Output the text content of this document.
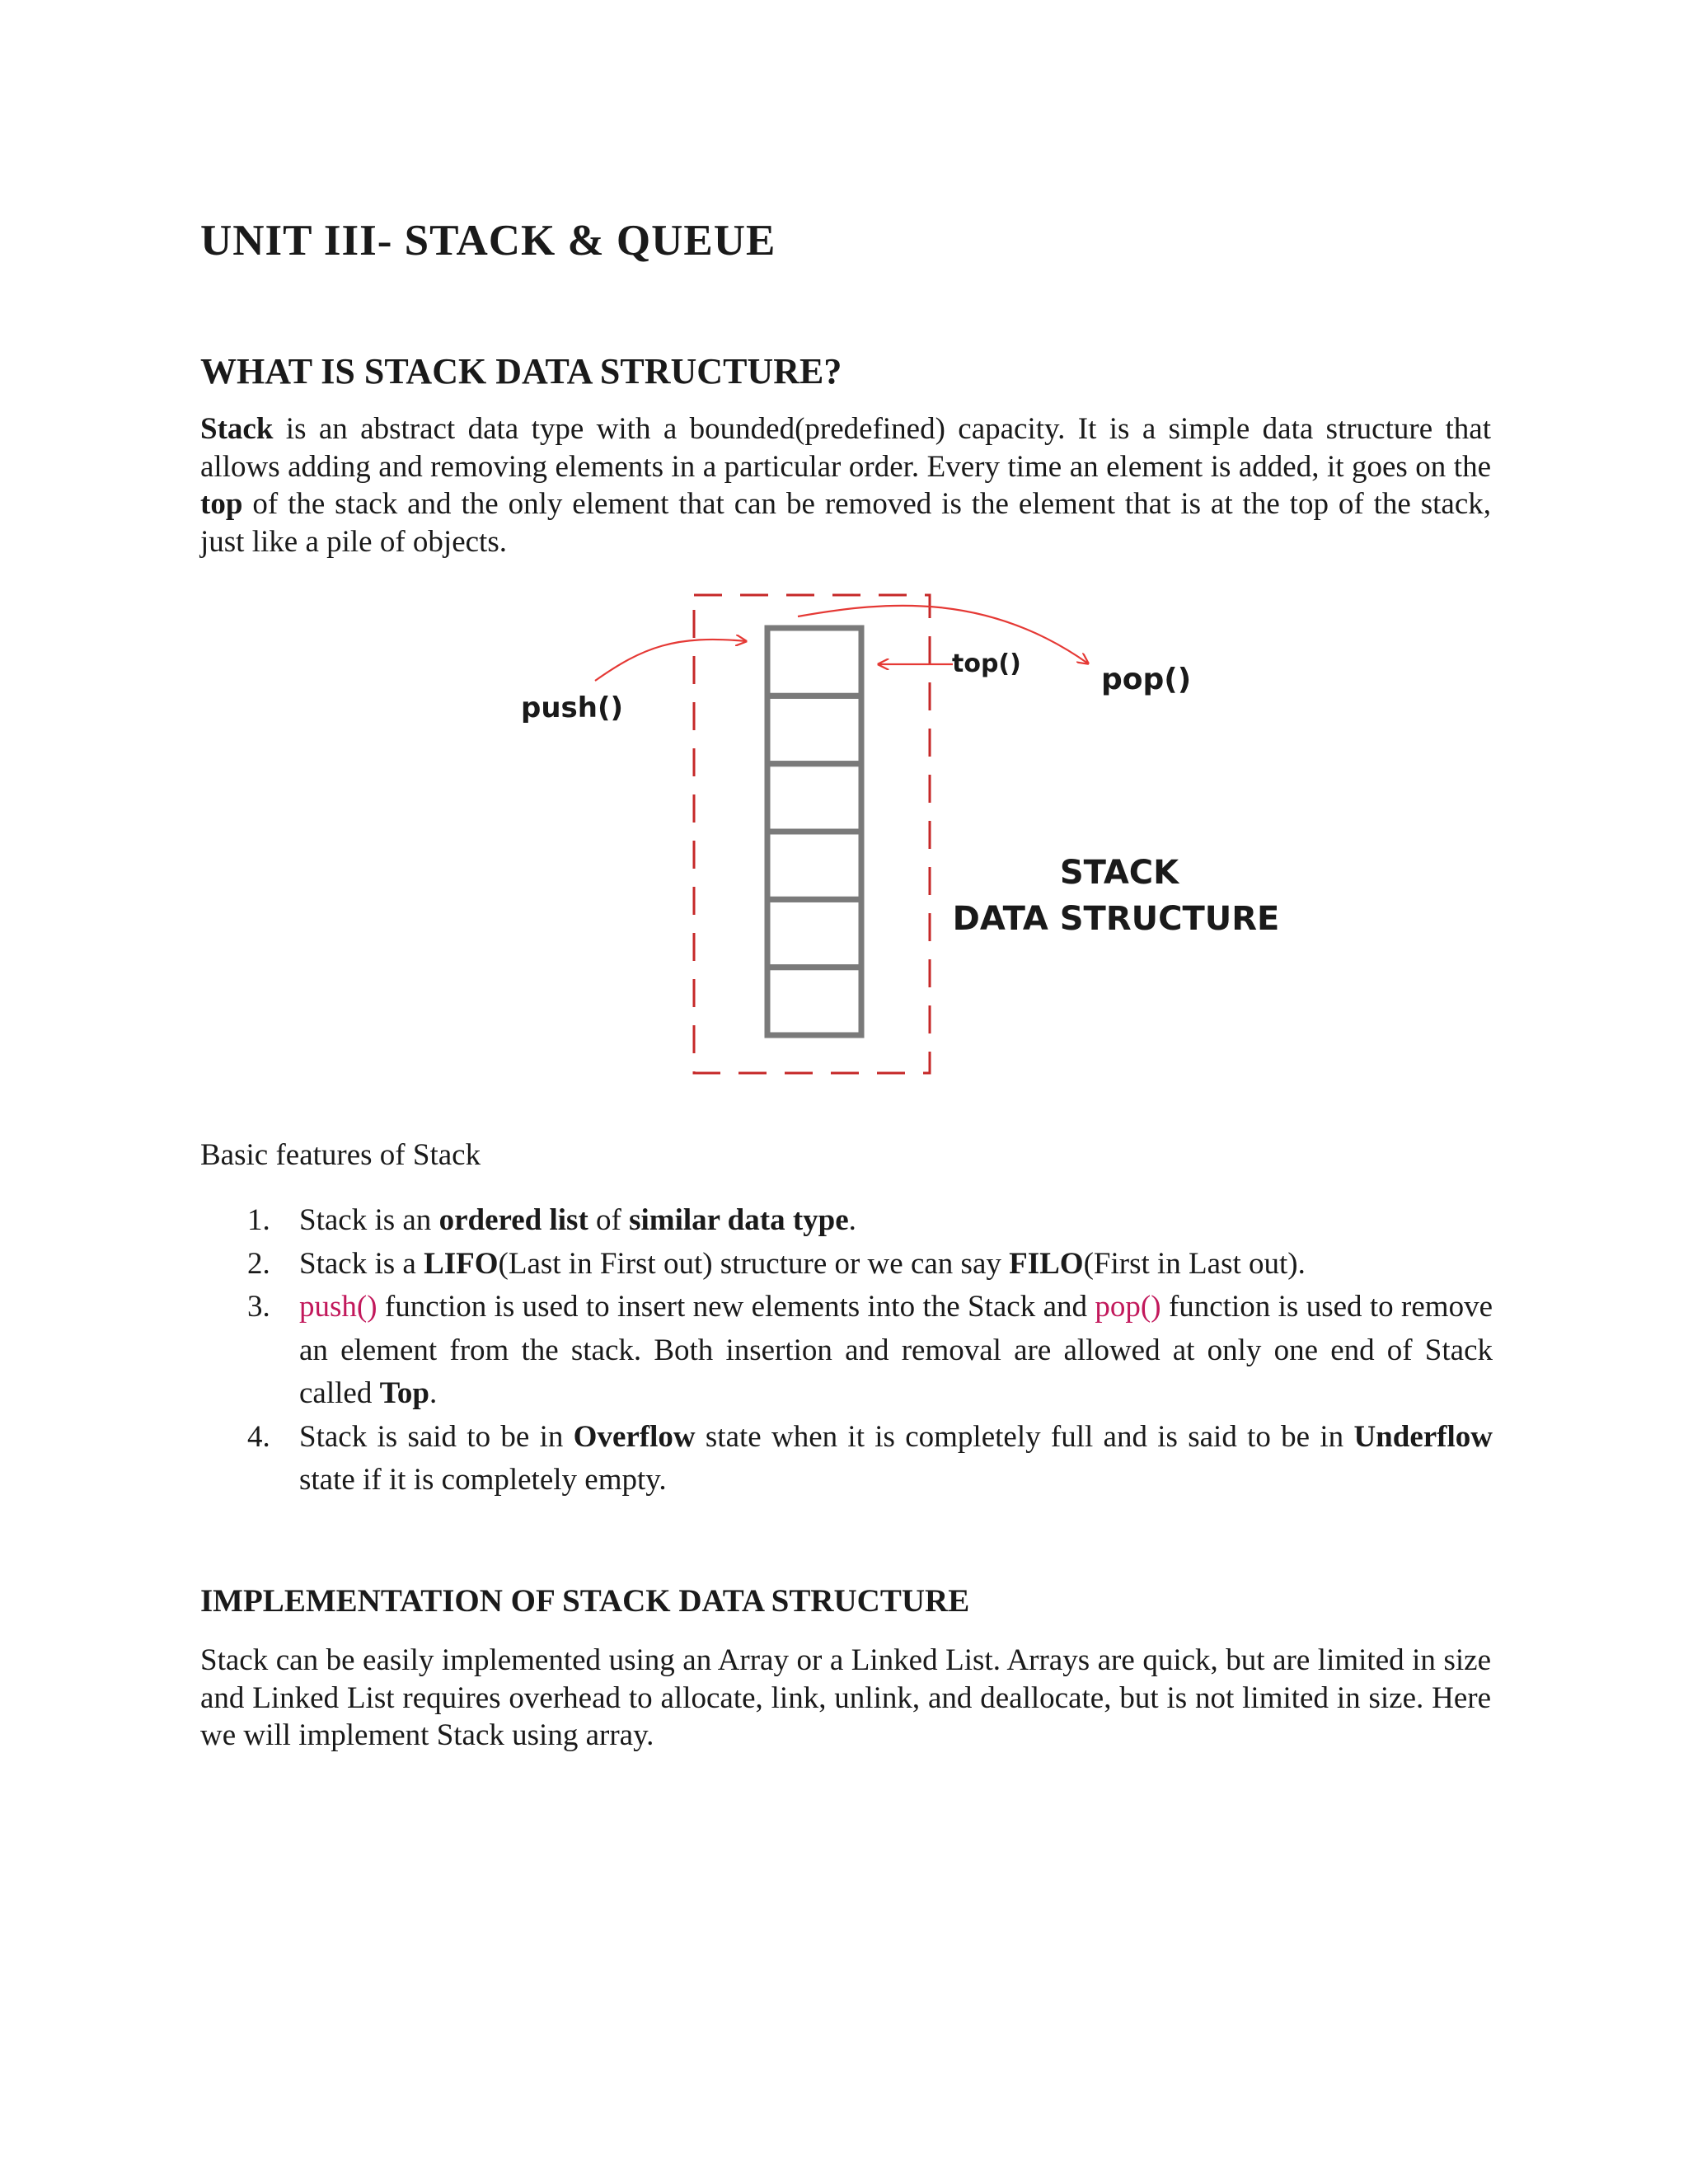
UNIT III- STACK & QUEUE
WHAT IS STACK DATA STRUCTURE?

Stack is an abstract data type with a bounded(predefined) capacity. It is a simple data structure that allows adding and removing elements in a particular order. Every time an element is added, it goes on the top of the stack and the only element that can be removed is the element that is at the top of the stack, just like a pile of objects.

push()
top()	pop()
STACK
DATA STRUCTURE

Basic features of Stack

1. Stack is an ordered list of similar data type.
2. Stack is a LIFO(Last in First out) structure or we can say FILO(First in Last out).
3. push() function is used to insert new elements into the Stack and pop() function is used to remove an element from the stack. Both insertion and removal are allowed at only one end of Stack called Top.
4. Stack is said to be in Overflow state when it is completely full and is said to be in Underflow state if it is completely empty.
IMPLEMENTATION OF STACK DATA STRUCTURE

Stack can be easily implemented using an Array or a Linked List. Arrays are quick, but are limited in size and Linked List requires overhead to allocate, link, unlink, and deallocate, but is not limited in size. Here we will implement Stack using array.
